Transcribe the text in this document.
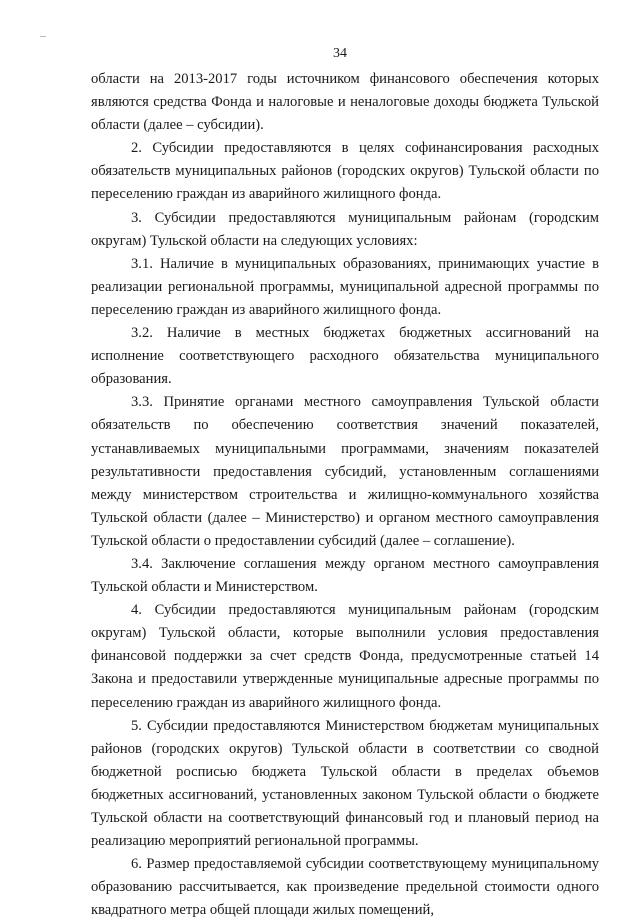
34

области на 2013-2017 годы источником финансового обеспечения которых являются средства Фонда и налоговые и неналоговые доходы бюджета Тульской области (далее – субсидии).

2. Субсидии предоставляются в целях софинансирования расходных обязательств муниципальных районов (городских округов) Тульской области по переселению граждан из аварийного жилищного фонда.

3. Субсидии предоставляются муниципальным районам (городским округам) Тульской области на следующих условиях:

3.1. Наличие в муниципальных образованиях, принимающих участие в реализации региональной программы, муниципальной адресной программы по переселению граждан из аварийного жилищного фонда.

3.2. Наличие в местных бюджетах бюджетных ассигнований на исполнение соответствующего расходного обязательства муниципального образования.

3.3. Принятие органами местного самоуправления Тульской области обязательств по обеспечению соответствия значений показателей, устанавливаемых муниципальными программами, значениям показателей результативности предоставления субсидий, установленным соглашениями между министерством строительства и жилищно-коммунального хозяйства Тульской области (далее – Министерство) и органом местного самоуправления Тульской области о предоставлении субсидий (далее – соглашение).

3.4. Заключение соглашения между органом местного самоуправления Тульской области и Министерством.

4. Субсидии предоставляются муниципальным районам (городским округам) Тульской области, которые выполнили условия предоставления финансовой поддержки за счет средств Фонда, предусмотренные статьей 14 Закона и предоставили утвержденные муниципальные адресные программы по переселению граждан из аварийного жилищного фонда.

5. Субсидии предоставляются Министерством бюджетам муниципальных районов (городских округов) Тульской области в соответствии со сводной бюджетной росписью бюджета Тульской области в пределах объемов бюджетных ассигнований, установленных законом Тульской области о бюджете Тульской области на соответствующий финансовый год и плановый период на реализацию мероприятий региональной программы.

6. Размер предоставляемой субсидии соответствующему муниципальному образованию рассчитывается, как произведение предельной стоимости одного квадратного метра общей площади жилых помещений,
